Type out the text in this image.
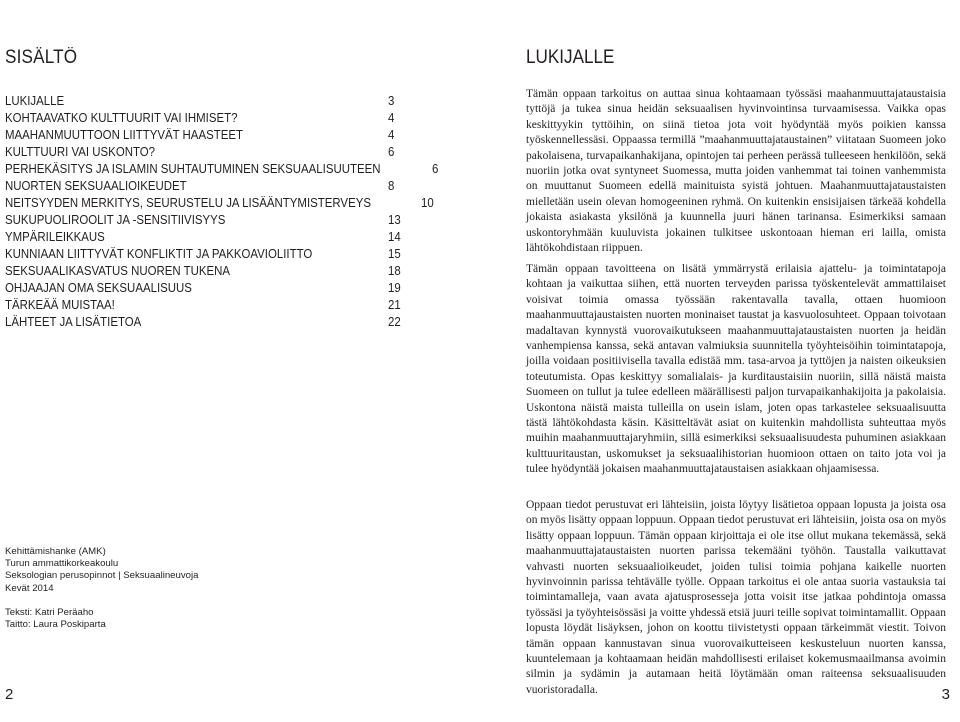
SISÄLTÖ
LUKIJALLE	3
KOHTAAVATKO KULTTUURIT VAI IHMISET?	4
MAAHANMUUTTOON LIITTYVÄT HAASTEET	4
KULTTUURI VAI USKONTO?	6
PERHEKÄSITYS JA ISLAMIN SUHTAUTUMINEN SEKSUAALISUUTEEN	6
NUORTEN SEKSUAALIOIKEUDET	8
NEITSYYDEN MERKITYS, SEURUSTELU JA LISÄÄNTYMISTERVEYS	10
SUKUPUOLIROOLIT JA -SENSITIIVISYYS	13
YMPÄRILEIKKAUS	14
KUNNIAAN LIITTYVÄT KONFLIKTIT JA PAKKOAVIOLIITTO	15
SEKSUAALIKASVATUS NUOREN TUKENA	18
OHJAAJAN OMA SEKSUAALISUUS	19
TÄRKEÄÄ MUISTAA!	21
LÄHTEET JA LISÄTIETOA	22
Kehittämishanke (AMK)
Turun ammattikorkeakoulu
Seksologian perusopinnot | Seksuaalineuvoja
Kevät 2014
Teksti: Katri Peräaho
Taitto: Laura Poskiparta
2
LUKIJALLE

Tämän oppaan tarkoitus on auttaa sinua kohtaamaan työssäsi maahanmuuttajataustaisia tyttöjä ja tukea sinua heidän seksuaalisen hyvinvointinsa turvaamisessa. Vaikka opas keskittyykin tyttöihin, on siinä tietoa jota voit hyödyntää myös poikien kanssa työskennellessäsi. Oppaassa termillä ”maahanmuuttajataustainen” viitataan Suomeen joko pakolaisena, turvapaikanhakijana, opintojen tai perheen perässä tulleeseen henkilöön, sekä nuoriin jotka ovat syntyneet Suomessa, mutta joiden vanhemmat tai toinen vanhemmista on muuttanut Suomeen edellä mainituista syistä johtuen. Maahanmuuttajataustaisten mielletään usein olevan homogeeninen ryhmä. On kuitenkin ensisijaisen tärkeää kohdella jokaista asiakasta yksilönä ja kuunnella juuri hänen tarinansa. Esimerkiksi samaan uskontoryhmään kuuluvista jokainen tulkitsee uskontoaan hieman eri lailla, omista lähtökohdistaan riippuen.

Tämän oppaan tavoitteena on lisätä ymmärrystä erilaisia ajattelu- ja toimintatapoja kohtaan ja vaikuttaa siihen, että nuorten terveyden parissa työskentelevät ammattilaiset voisivat toimia omassa työssään rakentavalla tavalla, ottaen huomioon maahanmuuttajaustaisten nuorten moninaiset taustat ja kasvuolosuhteet. Oppaan toivotaan madaltavan kynnystä vuorovaikutukseen maahanmuuttajataustaisten nuorten ja heidän vanhempiensa kanssa, sekä antavan valmiuksia suunnitella työyhteisöihin toimintatapoja, joilla voidaan positiivisella tavalla edistää mm. tasa-arvoa ja tyttöjen ja naisten oikeuksien toteutumista. Opas keskittyy somalialais- ja kurditaustaisiin nuoriin, sillä näistä maista Suomeen on tullut ja tulee edelleen määrällisesti paljon turvapaikanhakijoita ja pakolaisia. Uskontona näistä maista tulleilla on usein islam, joten opas tarkastelee seksuaalisuutta tästä lähtökohdasta käsin. Käsitteltävät asiat on kuitenkin mahdollista suhteuttaa myös muihin maahanmuuttajaryhmiin, sillä esimerkiksi seksuaalisuudesta puhuminen asiakkaan kulttuuritaustan, uskomukset ja seksuaalihistorian huomioon ottaen on taito jota voi ja tulee hyödyntää jokaisen maahanmuuttajataustaisen asiakkaan ohjaamisessa.

Oppaan tiedot perustuvat eri lähteisiin, joista löytyy lisätietoa oppaan lopusta ja joista osa on myös lisätty oppaan loppuun. Oppaan tiedot perustuvat eri lähteisiin, joista osa on myös lisätty oppaan loppuun. Tämän oppaan kirjoittaja ei ole itse ollut mukana tekemässä, sekä maahanmuuttajataustaisten nuorten parissa tekemääni työhön. Taustalla vaikuttavat vahvasti nuorten seksuaalioikeudet, joiden tulisi toimia pohjana kaikelle nuorten hyvinvoinnin parissa tehtävälle työlle. Oppaan tarkoitus ei ole antaa suoria vastauksia tai toimintamalleja, vaan avata ajatusprosesseja jotta voisit itse jatkaa pohdintoja omassa työssäsi ja työyhteisössäsi ja voitte yhdessä etsiä juuri teille sopivat toimintamallit. Oppaan lopusta löydät lisäyksen, johon on koottu tiivistetysti oppaan tärkeimmät viestit. Toivon tämän oppaan kannustavan sinua vuorovaikutteiseen keskusteluun nuorten kanssa, kuuntelemaan ja kohtaamaan heidän mahdollisesti erilaiset kokemusmaailmansa avoimin silmin ja sydämin ja autamaan heitä löytämään oman raiteensa seksuaalisuuden vuoristoradalla.	3
